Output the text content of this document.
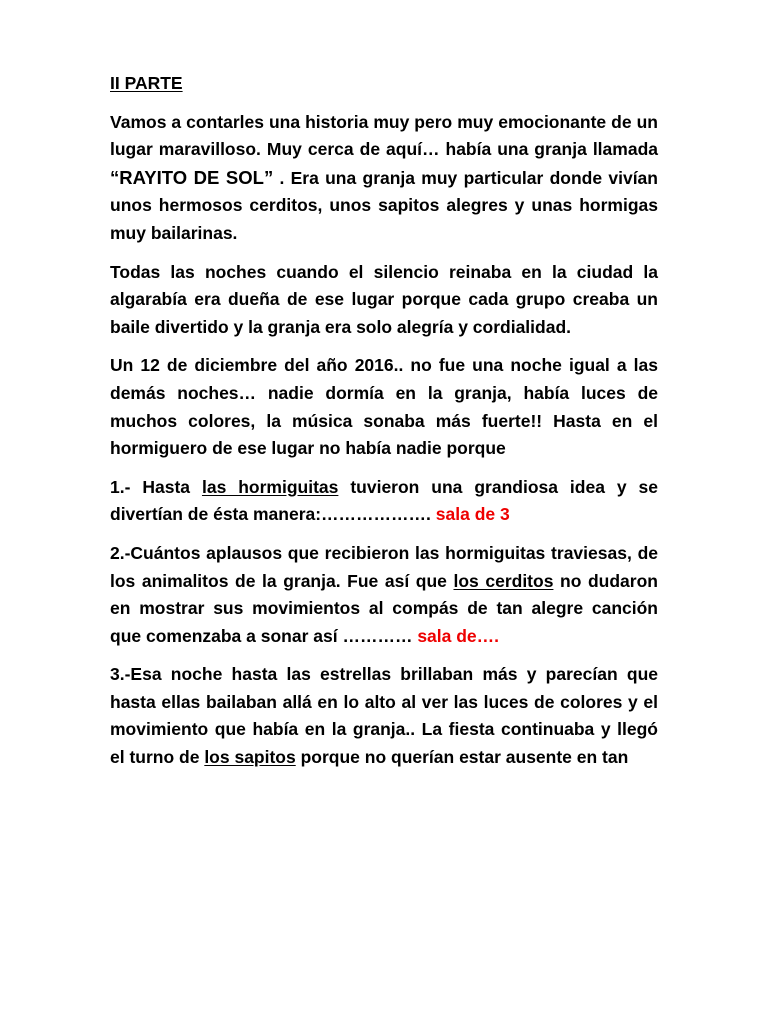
II PARTE

Vamos a contarles una historia muy pero muy emocionante de un lugar maravilloso. Muy cerca de aquí… había una granja llamada “RAYITO DE SOL” . Era una granja muy particular donde vivían unos hermosos cerditos, unos sapitos alegres y unas hormigas muy bailarinas.

Todas las noches cuando el silencio reinaba en la ciudad la algarabía era dueña de ese lugar porque cada grupo creaba un baile divertido y la granja era solo alegría y cordialidad.

Un 12 de diciembre del año 2016.. no fue una noche igual a las demás noches… nadie dormía en la granja, había luces de muchos colores, la música sonaba más fuerte!! Hasta en el hormiguero de ese lugar no había nadie porque

1.- Hasta las hormiguitas tuvieron una grandiosa idea y se divertían de ésta manera:………………. sala de 3

2.-Cuántos aplausos que recibieron las hormiguitas traviesas, de los animalitos de la granja. Fue así que los cerditos no dudaron en mostrar sus movimientos al compás de tan alegre canción que comenzaba a sonar así ………… sala de….

3.-Esa noche hasta las estrellas brillaban más y parecían que hasta ellas bailaban allá en lo alto al ver las luces de colores y el movimiento que había en la granja.. La fiesta continuaba y llegó el turno de los sapitos porque no querían estar ausente en tan
